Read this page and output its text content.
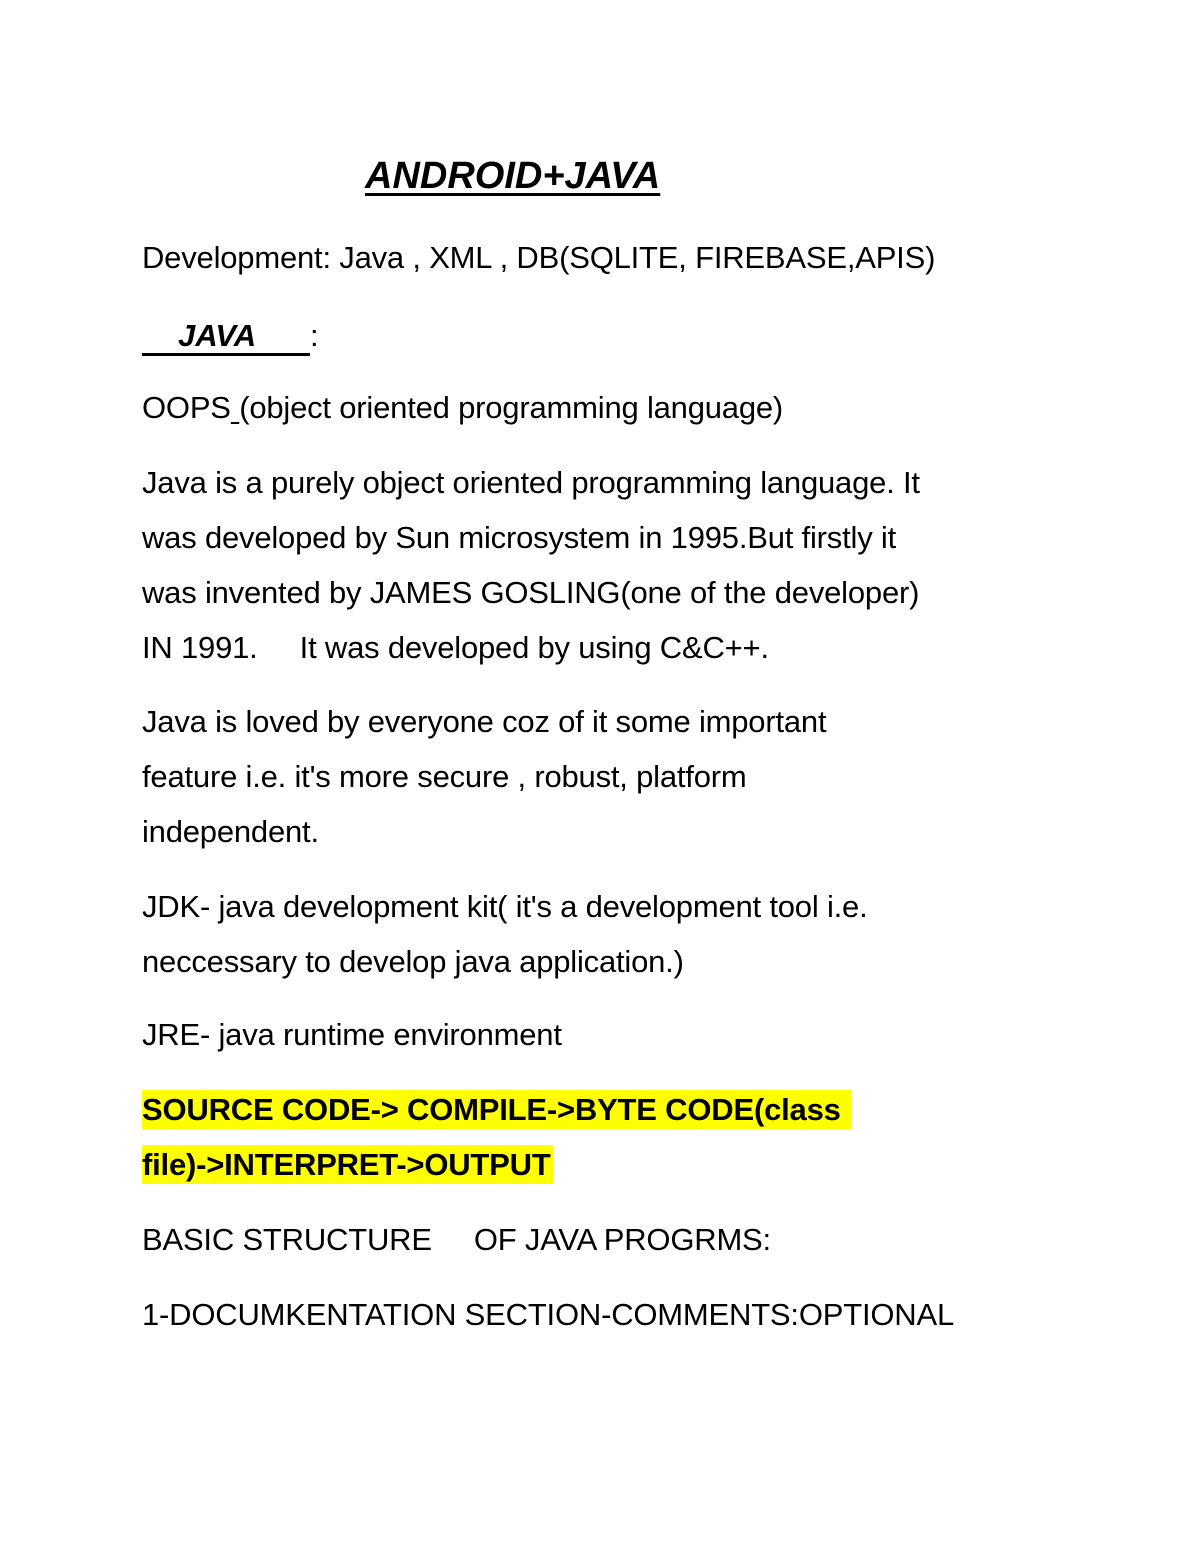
ANDROID+JAVA
Development: Java , XML , DB(SQLITE, FIREBASE,APIS)
JAVA :
OOPS (object oriented programming language)
Java is a purely object oriented programming language. It
was developed by Sun microsystem in 1995.But firstly it
was invented by JAMES GOSLING(one of the developer)
IN 1991.     It was developed by using C&C++.
Java is loved by everyone coz of it some important
feature i.e. it's more secure , robust, platform
independent.
JDK- java development kit( it's a development tool i.e.
neccessary to develop java application.)
JRE- java runtime environment
SOURCE CODE-> COMPILE->BYTE CODE(class
file)->INTERPRET->OUTPUT
BASIC STRUCTURE     OF JAVA PROGRMS:
1-DOCUMKENTATION SECTION-COMMENTS:OPTIONAL
